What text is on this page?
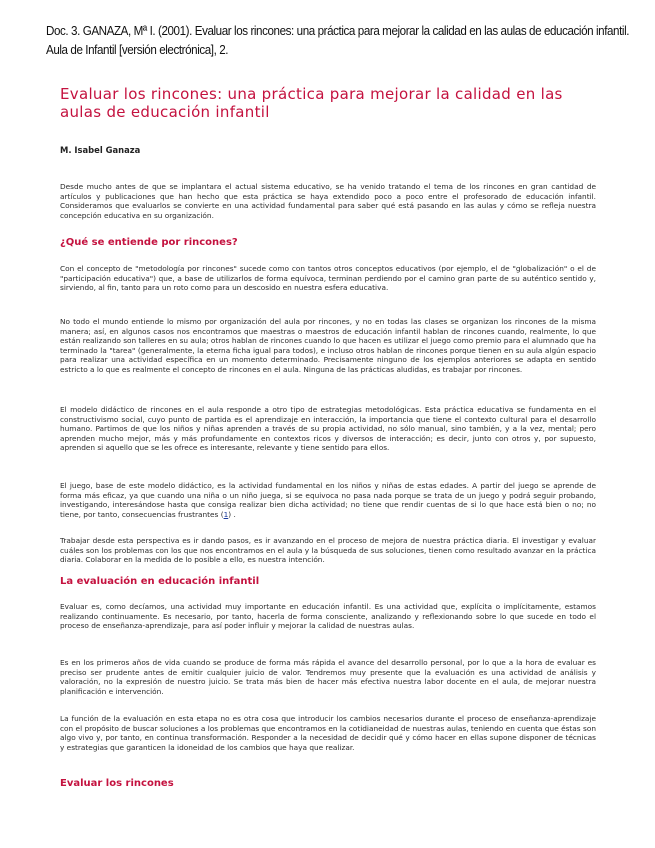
Doc. 3. GANAZA, Mª I. (2001). Evaluar los rincones: una práctica para mejorar la calidad en las aulas de educación infantil.
Aula de Infantil [versión electrónica], 2.
Evaluar los rincones: una práctica para mejorar la calidad en las aulas de educación infantil
M. Isabel Ganaza

Desde mucho antes de que se implantara el actual sistema educativo, se ha venido tratando el tema de los rincones en gran cantidad de artículos y publicaciones que han hecho que esta práctica se haya extendido poco a poco entre el profesorado de educación infantil. Consideramos que evaluarlos se convierte en una actividad fundamental para saber qué está pasando en las aulas y cómo se refleja nuestra concepción educativa en su organización.

¿Qué se entiende por rincones?

Con el concepto de "metodología por rincones" sucede como con tantos otros conceptos educativos (por ejemplo, el de "globalización" o el de "participación educativa") que, a base de utilizarlos de forma equívoca, terminan perdiendo por el camino gran parte de su auténtico sentido y, sirviendo, al fin, tanto para un roto como para un descosido en nuestra esfera educativa.

No todo el mundo entiende lo mismo por organización del aula por rincones, y no en todas las clases se organizan los rincones de la misma manera; así, en algunos casos nos encontramos que maestras o maestros de educación infantil hablan de rincones cuando, realmente, lo que están realizando son talleres en su aula; otros hablan de rincones cuando lo que hacen es utilizar el juego como premio para el alumnado que ha terminado la "tarea" (generalmente, la eterna ficha igual para todos), e incluso otros hablan de rincones porque tienen en su aula algún espacio para realizar una actividad específica en un momento determinado. Precisamente ninguno de los ejemplos anteriores se adapta en sentido estricto a lo que es realmente el concepto de rincones en el aula. Ninguna de las prácticas aludidas, es trabajar por rincones.

El modelo didáctico de rincones en el aula responde a otro tipo de estrategias metodológicas. Esta práctica educativa se fundamenta en el constructivismo social, cuyo punto de partida es el aprendizaje en interacción, la importancia que tiene el contexto cultural para el desarrollo humano. Partimos de que los niños y niñas aprenden a través de su propia actividad, no sólo manual, sino también, y a la vez, mental; pero aprenden mucho mejor, más y más profundamente en contextos ricos y diversos de interacción; es decir, junto con otros y, por supuesto, aprenden si aquello que se les ofrece es interesante, relevante y tiene sentido para ellos.

El juego, base de este modelo didáctico, es la actividad fundamental en los niños y niñas de estas edades. A partir del juego se aprende de forma más eficaz, ya que cuando una niña o un niño juega, si se equivoca no pasa nada porque se trata de un juego y podrá seguir probando, investigando, interesándose hasta que consiga realizar bien dicha actividad; no tiene que rendir cuentas de si lo que hace está bien o no; no tiene, por tanto, consecuencias frustrantes (1) .

Trabajar desde esta perspectiva es ir dando pasos, es ir avanzando en el proceso de mejora de nuestra práctica diaria. El investigar y evaluar cuáles son los problemas con los que nos encontramos en el aula y la búsqueda de sus soluciones, tienen como resultado avanzar en la práctica diaria. Colaborar en la medida de lo posible a ello, es nuestra intención.

La evaluación en educación infantil

Evaluar es, como decíamos, una actividad muy importante en educación infantil. Es una actividad que, explícita o implícitamente, estamos realizando continuamente. Es necesario, por tanto, hacerla de forma consciente, analizando y reflexionando sobre lo que sucede en todo el proceso de enseñanza-aprendizaje, para así poder influir y mejorar la calidad de nuestras aulas.

Es en los primeros años de vida cuando se produce de forma más rápida el avance del desarrollo personal, por lo que a la hora de evaluar es preciso ser prudente antes de emitir cualquier juicio de valor. Tendremos muy presente que la evaluación es una actividad de análisis y valoración, no la expresión de nuestro juicio. Se trata más bien de hacer más efectiva nuestra labor docente en el aula, de mejorar nuestra planificación e intervención.

La función de la evaluación en esta etapa no es otra cosa que introducir los cambios necesarios durante el proceso de enseñanza-aprendizaje con el propósito de buscar soluciones a los problemas que encontramos en la cotidianeidad de nuestras aulas, teniendo en cuenta que éstas son algo vivo y, por tanto, en continua transformación. Responder a la necesidad de decidir qué y cómo hacer en ellas supone disponer de técnicas y estrategias que garanticen la idoneidad de los cambios que haya que realizar.

Evaluar los rincones
